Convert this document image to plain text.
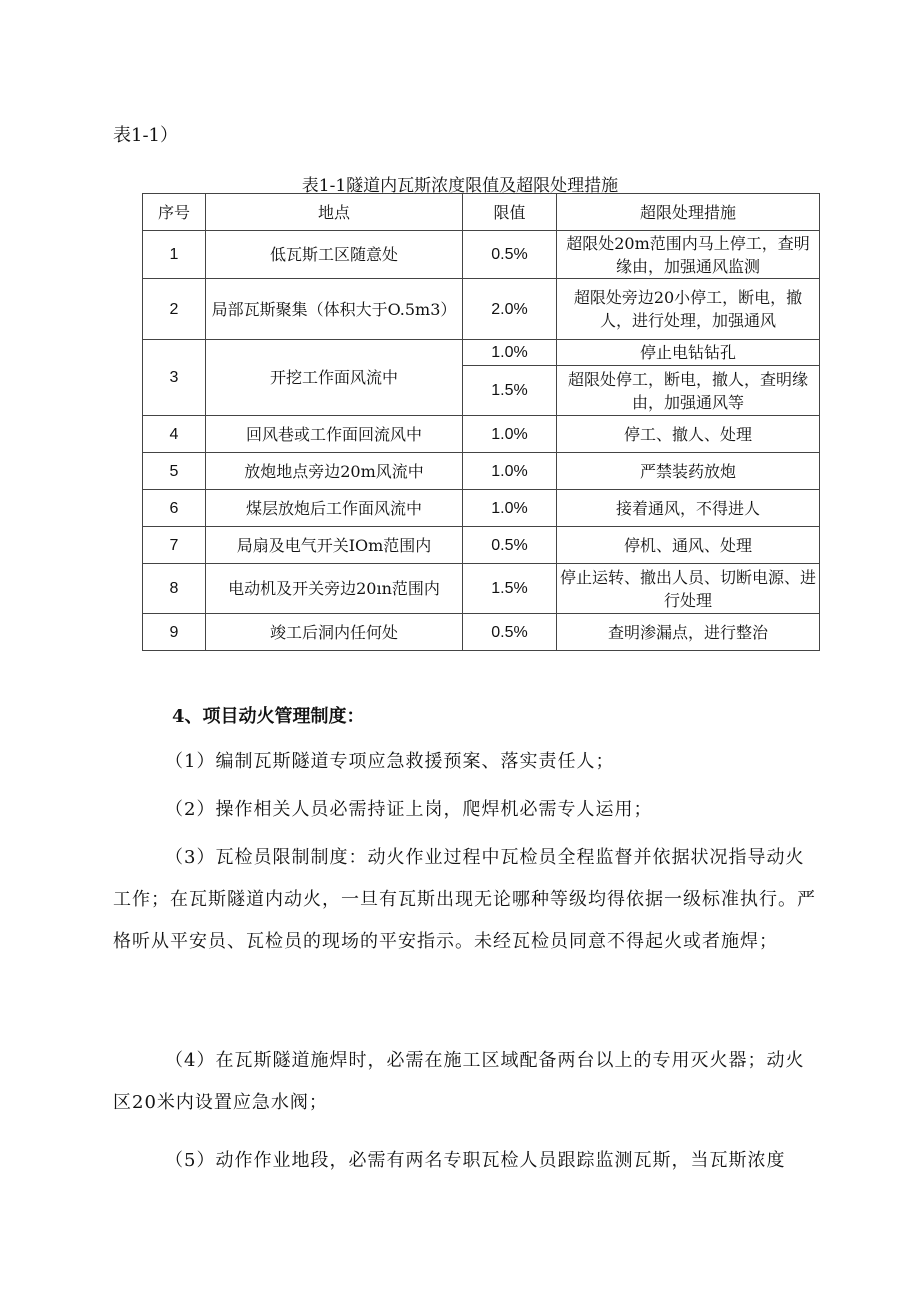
表1-1）
表1-1隧道内瓦斯浓度限值及超限处理措施
序号	地点	限值	超限处理措施
1	低瓦斯工区随意处	0.5%	超限处20m范围内马上停工，查明缘由，加强通风监测
2	局部瓦斯聚集（体积大于O.5m3）	2.0%	超限处旁边20小停工，断电，撤人，进行处理，加强通风
3	开挖工作面风流中	1.0%	停止电钻钻孔
		1.5%	超限处停工，断电，撤人，查明缘由，加强通风等
4	回风巷或工作面回流风中	1.0%	停工、撤人、处理
5	放炮地点旁边20m风流中	1.0%	严禁装药放炮
6	煤层放炮后工作面风流中	1.0%	接着通风，不得进人
7	局扇及电气开关IOm范围内	0.5%	停机、通风、处理
8	电动机及开关旁边20ın范围内	1.5%	停止运转、撤出人员、切断电源、进行处理
9	竣工后洞内任何处	0.5%	查明渗漏点，进行整治
4、项目动火管理制度：
（1）编制瓦斯隧道专项应急救援预案、落实责任人；
（2）操作相关人员必需持证上岗，爬焊机必需专人运用；
（3）瓦检员限制制度：动火作业过程中瓦检员全程监督并依据状况指导动火工作；在瓦斯隧道内动火，一旦有瓦斯出现无论哪种等级均得依据一级标准执行。严格听从平安员、瓦检员的现场的平安指示。未经瓦检员同意不得起火或者施焊；
（4）在瓦斯隧道施焊时，必需在施工区域配备两台以上的专用灭火器；动火区20米内设置应急水阀；
（5）动作作业地段，必需有两名专职瓦检人员跟踪监测瓦斯，当瓦斯浓度
